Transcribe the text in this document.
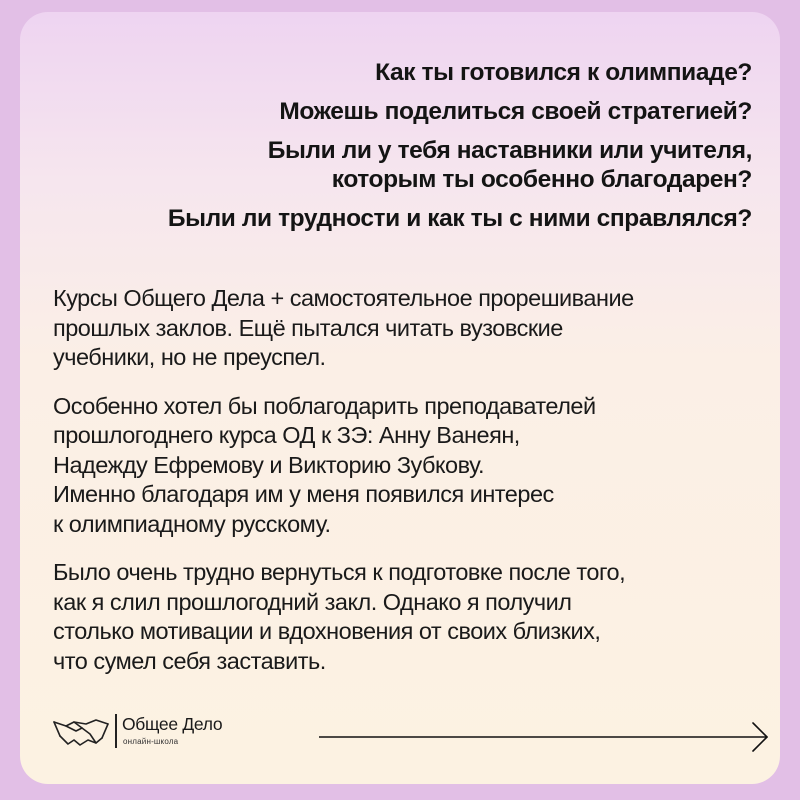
Как ты готовился к олимпиаде?
Можешь поделиться своей стратегией?
Были ли у тебя наставники или учителя,
которым ты особенно благодарен?
Были ли трудности и как ты с ними справлялся?
Курсы Общего Дела + самостоятельное прорешивание
прошлых заклов. Ещё пытался читать вузовские
учебники, но не преуспел.
Особенно хотел бы поблагодарить преподавателей
прошлогоднего курса ОД к ЗЭ: Анну Ванеян,
Надежду Ефремову и Викторию Зубкову.
Именно благодаря им у меня появился интерес
к олимпиадному русскому.
Было очень трудно вернуться к подготовке после того,
как я слил прошлогодний закл. Однако я получил
столько мотивации и вдохновения от своих близких,
что сумел себя заставить.
Общее Дело
онлайн-школа
